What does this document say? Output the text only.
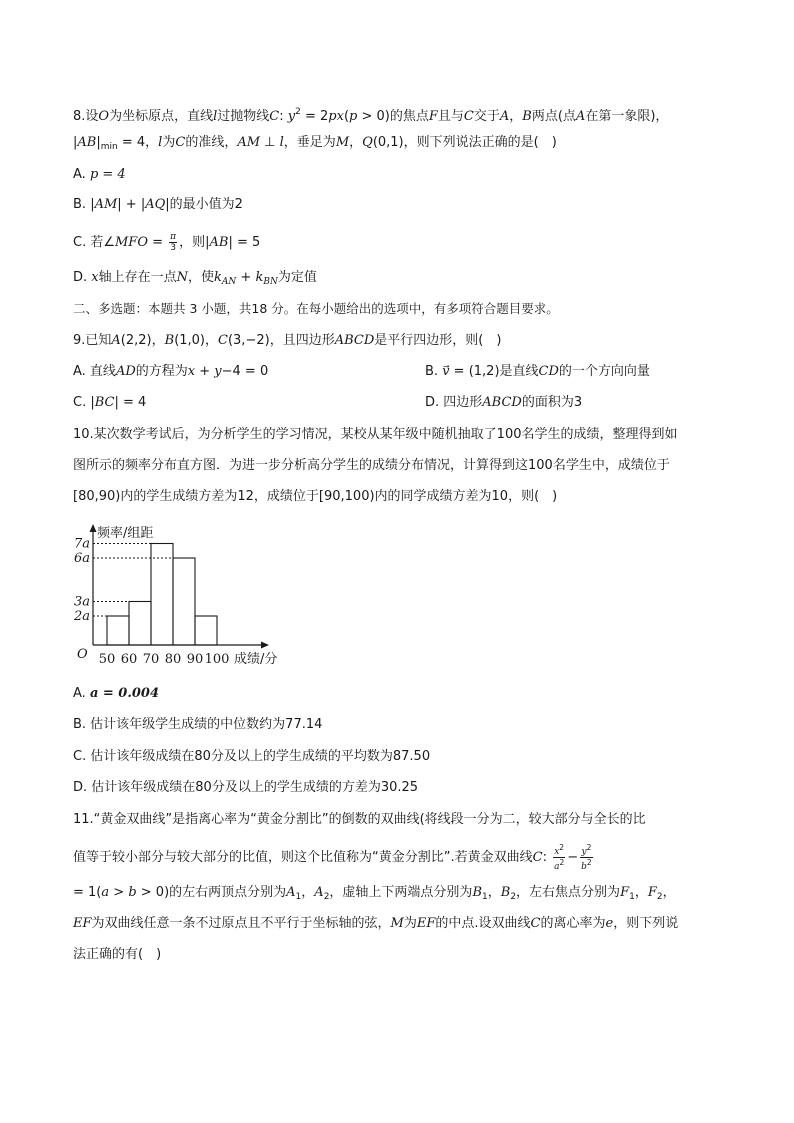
8.设O为坐标原点，直线l过抛物线C: $y^2 = 2px(p > 0)$的焦点F且与C交于A，B两点(点A在第一象限)，
$|AB|_{min} = 4$，l为C的准线，AM ⊥ l，垂足为M，Q(0,1)，则下列说法正确的是(　)
A. p = 4
B. |AM| + |AQ|的最小值为2
C. 若∠MFO = $\frac{\pi}{3}$ ，则|AB| = 5
D. x轴上存在一点N，使$k_{AN} + k_{BN}$为定值
二、多选题：本题共 3 小题，共18 分。在每小题给出的选项中，有多项符合题目要求。
9.已知A(2,2)，B(1,0)，C(3,−2)，且四边形ABCD是平行四边形，则(　)
A. 直线AD的方程为x + y−4 = 0	B. v⃗ = (1,2)是直线CD的一个方向向量
C. |BC| = 4	D. 四边形ABCD的面积为3
10.某次数学考试后，为分析学生的学习情况，某校从某年级中随机抽取了100名学生的成绩，整理得到如
图所示的频率分布直方图．为进一步分析高分学生的成绩分布情况，计算得到这100名学生中，成绩位于
[80,90)内的学生成绩方差为12，成绩位于[90,100)内的同学成绩方差为10，则(　)
频率/组距
成绩/分
O
2a
3a
6a
7a
50 60 70 80 90 100
A. a = 0.004
B. 估计该年级学生成绩的中位数约为77.14
C. 估计该年级成绩在80分及以上的学生成绩的平均数为87.50
D. 估计该年级成绩在80分及以上的学生成绩的方差为30.25
11.“黄金双曲线”是指离心率为“黄金分割比”的倒数的双曲线(将线段一分为二，较大部分与全长的比
值等于较小部分与较大部分的比值，则这个比值称为“黄金分割比”.若黄金双曲线C: $\frac{x^2}{a^2} - \frac{y^2}{b^2}$
= 1(a > b > 0)的左右两顶点分别为$A_1$，$A_2$，虚轴上下两端点分别为$B_1$，$B_2$，左右焦点分别为$F_1$，$F_2$，
EF为双曲线任意一条不过原点且不平行于坐标轴的弦，M为EF的中点.设双曲线C的离心率为e，则下列说
法正确的有(　)
